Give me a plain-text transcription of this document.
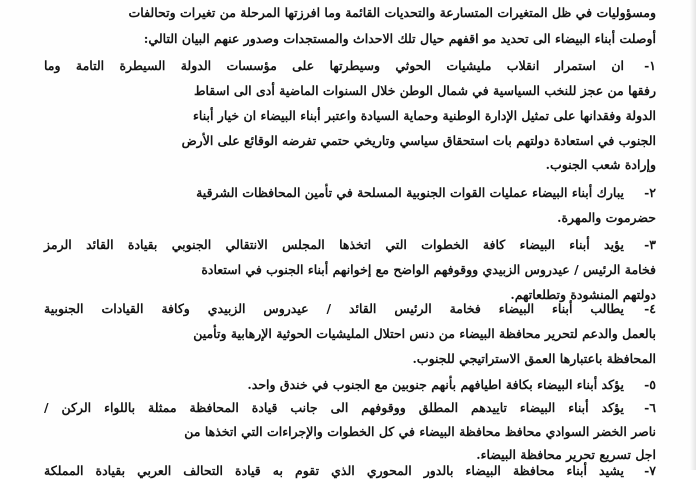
ومسؤوليات في ظل المتغيرات المتسارعة والتحديات القائمة وما افرزتها المرحلة من تغيرات وتحالفات
أوصلت أبناء البيضاء الى تحديد مو اقفهم حيال تلك الاحداث والمستجدات وصدور عنهم البيان التالي:
-١
ان استمرار انقلاب مليشيات الحوثي وسيطرتها على مؤسسات الدولة السيطرة التامة وما
رفقها من عجز للنخب السياسية في شمال الوطن خلال السنوات الماضية أدى الى اسقاط
الدولة وفقدانها على تمثيل الإدارة الوطنية وحماية السيادة واعتبر أبناء البيضاء ان خيار أبناء
الجنوب في استعادة دولتهم بات استحقاق سياسي وتاريخي حتمي تفرضه الوقائع على الأرض
وإرادة شعب الجنوب.
-٢
يبارك أبناء البيضاء عمليات القوات الجنوبية المسلحة في تأمين المحافظات الشرقية
حضرموت والمهرة.
-٣
يؤيد أبناء البيضاء كافة الخطوات التي اتخذها المجلس الانتقالي الجنوبي بقيادة القائد الرمز
فخامة الرئيس / عيدروس الزبيدي ووقوفهم الواضح مع إخوانهم أبناء الجنوب في استعادة
دولتهم المنشودة وتطلعاتهم.
-٤
يطالب أبناء البيضاء فخامة الرئيس القائد / عيدروس الزبيدي وكافة القيادات الجنوبية
بالعمل والدعم لتحرير محافظة البيضاء من دنس احتلال المليشيات الحوثية الإرهابية وتأمين
المحافظة باعتبارها العمق الاستراتيجي للجنوب.
-٥
يؤكد أبناء البيضاء بكافة اطيافهم بأنهم جنوبين مع الجنوب في خندق واحد.
-٦
يؤكد أبناء البيضاء تاييدهم المطلق ووقوفهم الى جانب قيادة المحافظة ممثلة باللواء الركن /
ناصر الخضر السوادي محافظ محافظة البيضاء في كل الخطوات والإجراءات التي اتخذها من
اجل تسريع تحرير محافظة البيضاء.
-٧
يشيد أبناء محافظة البيضاء بالدور المحوري الذي تقوم به قيادة التحالف العربي بقيادة المملكة
